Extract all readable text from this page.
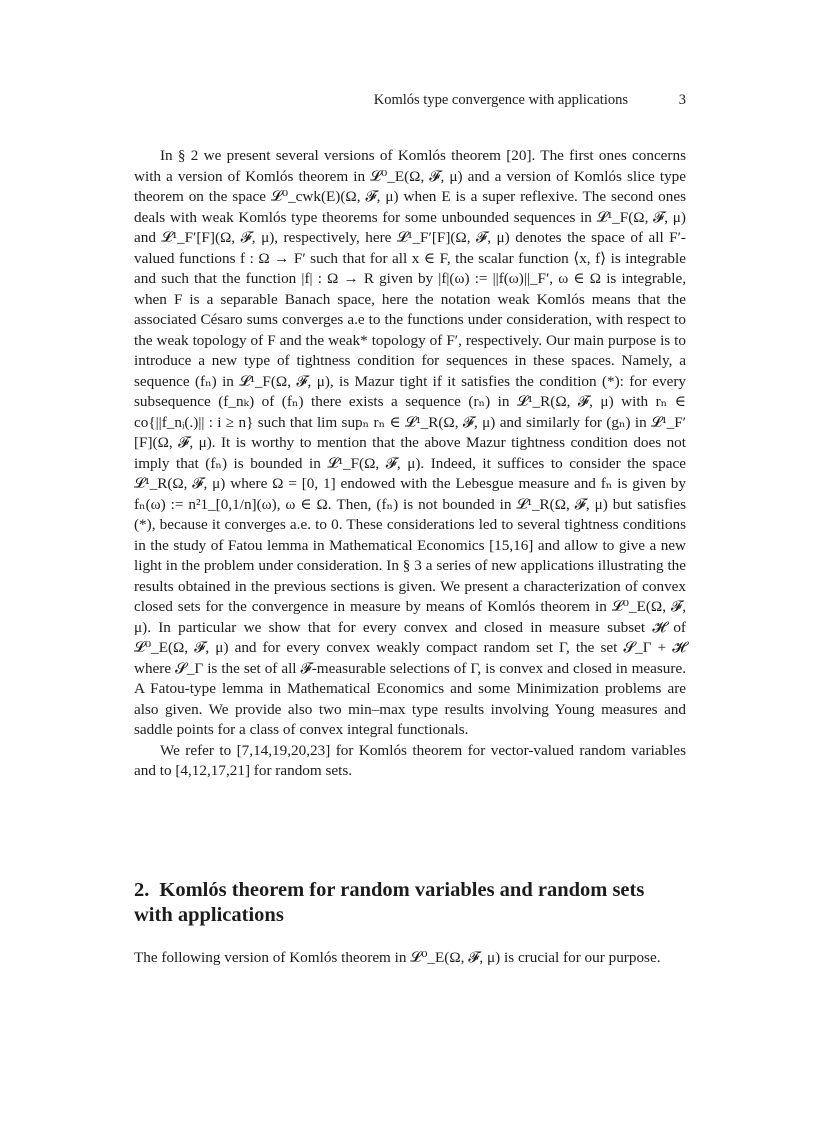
Komlós type convergence with applications	3

In § 2 we present several versions of Komlós theorem [20]. The first ones concerns with a version of Komlós theorem in 𝓛⁰_E(Ω, 𝓕, μ) and a version of Komlós slice type theorem on the space 𝓛⁰_cwk(E)(Ω, 𝓕, μ) when E is a super reflexive. The second ones deals with weak Komlós type theorems for some unbounded sequences in 𝓛¹_F(Ω, 𝓕, μ) and 𝓛¹_F′[F](Ω, 𝓕, μ), respectively, here 𝓛¹_F′[F](Ω, 𝓕, μ) denotes the space of all F′-valued functions f : Ω → F′ such that for all x ∈ F, the scalar function ⟨x, f⟩ is integrable and such that the function |f| : Ω → R given by |f|(ω) := ||f(ω)||_F′, ω ∈ Ω is integrable, when F is a separable Banach space, here the notation weak Komlós means that the associated Césaro sums converges a.e to the functions under consideration, with respect to the weak topology of F and the weak* topology of F′, respectively. Our main purpose is to introduce a new type of tightness condition for sequences in these spaces. Namely, a sequence (fₙ) in 𝓛¹_F(Ω, 𝓕, μ), is Mazur tight if it satisfies the condition (*): for every subsequence (f_nₖ) of (fₙ) there exists a sequence (rₙ) in 𝓛¹_R(Ω, 𝓕, μ) with rₙ ∈ co{||f_nᵢ(.)|| : i ≥ n} such that lim supₙ rₙ ∈ 𝓛¹_R(Ω, 𝓕, μ) and similarly for (gₙ) in 𝓛¹_F′[F](Ω, 𝓕, μ). It is worthy to mention that the above Mazur tightness condition does not imply that (fₙ) is bounded in 𝓛¹_F(Ω, 𝓕, μ). Indeed, it suffices to consider the space 𝓛¹_R(Ω, 𝓕, μ) where Ω = [0, 1] endowed with the Lebesgue measure and fₙ is given by fₙ(ω) := n²1_[0,1/n](ω), ω ∈ Ω. Then, (fₙ) is not bounded in 𝓛¹_R(Ω, 𝓕, μ) but satisfies (*), because it converges a.e. to 0. These considerations led to several tightness conditions in the study of Fatou lemma in Mathematical Economics [15,16] and allow to give a new light in the problem under consideration. In § 3 a series of new applications illustrating the results obtained in the previous sections is given. We present a characterization of convex closed sets for the convergence in measure by means of Komlós theorem in 𝓛⁰_E(Ω, 𝓕, μ). In particular we show that for every convex and closed in measure subset 𝓗 of 𝓛⁰_E(Ω, 𝓕, μ) and for every convex weakly compact random set Γ, the set 𝓢_Γ + 𝓗 where 𝓢_Γ is the set of all 𝓕-measurable selections of Γ, is convex and closed in measure. A Fatou-type lemma in Mathematical Economics and some Minimization problems are also given. We provide also two min–max type results involving Young measures and saddle points for a class of convex integral functionals.

We refer to [7,14,19,20,23] for Komlós theorem for vector-valued random variables and to [4,12,17,21] for random sets.

2. Komlós theorem for random variables and random sets with applications

The following version of Komlós theorem in 𝓛⁰_E(Ω, 𝓕, μ) is crucial for our purpose.
